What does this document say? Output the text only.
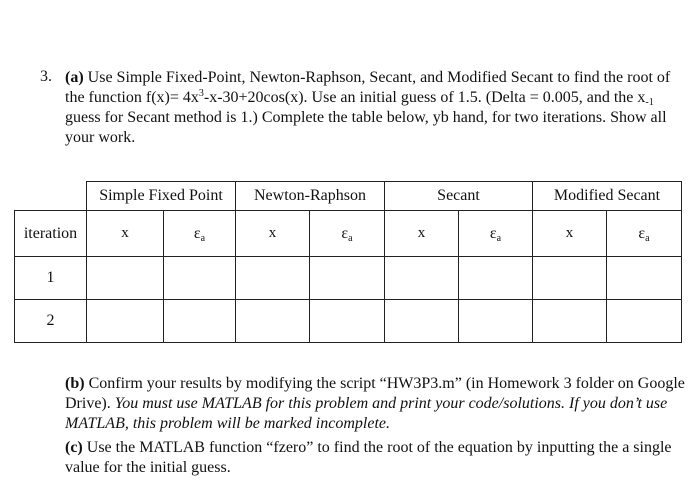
3. (a) Use Simple Fixed-Point, Newton-Raphson, Secant, and Modified Secant to find the root of the function $f(x)= 4x^3-x-30+20\cos(x)$. Use an initial guess of 1.5. (Delta = 0.005, and the $x_{-1}$ guess for Secant method is 1.) Complete the table below, yb hand, for two iterations. Show all your work.
	Simple Fixed Point		Newton-Raphson		Secant		Modified Secant	
iteration	x	$\varepsilon_a$	x	$\varepsilon_a$	x	$\varepsilon_a$	x	$\varepsilon_a$
1								
2								
(b) Confirm your results by modifying the script “HW3P3.m” (in Homework 3 folder on Google Drive). You must use MATLAB for this problem and print your code/solutions. If you don’t use MATLAB, this problem will be marked incomplete.
(c) Use the MATLAB function “fzero” to find the root of the equation by inputting the a single value for the initial guess.
